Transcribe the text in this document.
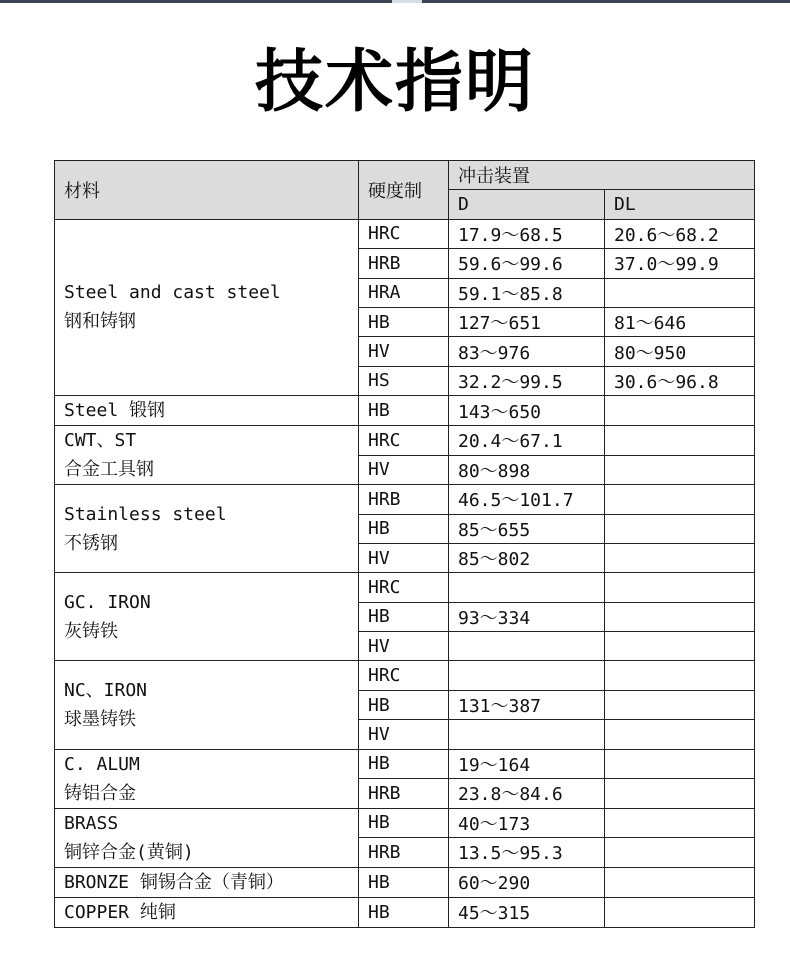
技术指明
材料	硬度制	冲击装置	
		D	DL

Steel and cast steel
钢和铸钢	HRC	17.9～68.5	20.6～68.2
	HRB	59.6～99.6	37.0～99.9
	HRA	59.1～85.8	
	HB	127～651	81～646
	HV	83～976	80～950
	HS	32.2～99.5	30.6～96.8

Steel 锻钢	HB	143～650	

CWT、ST
合金工具钢	HRC	20.4～67.1	
	HV	80～898	

Stainless steel
不锈钢	HRB	46.5～101.7	
	HB	85～655	
	HV	85～802	

GC. IRON
灰铸铁	HRC		
	HB	93～334	
	HV		

NC、IRON
球墨铸铁	HRC		
	HB	131～387	
	HV		

C. ALUM
铸铝合金	HB	19～164	
	HRB	23.8～84.6	

BRASS
铜锌合金(黄铜)	HB	40～173	
	HRB	13.5～95.3	

BRONZE 铜锡合金（青铜）	HB	60～290	

COPPER 纯铜	HB	45～315	
